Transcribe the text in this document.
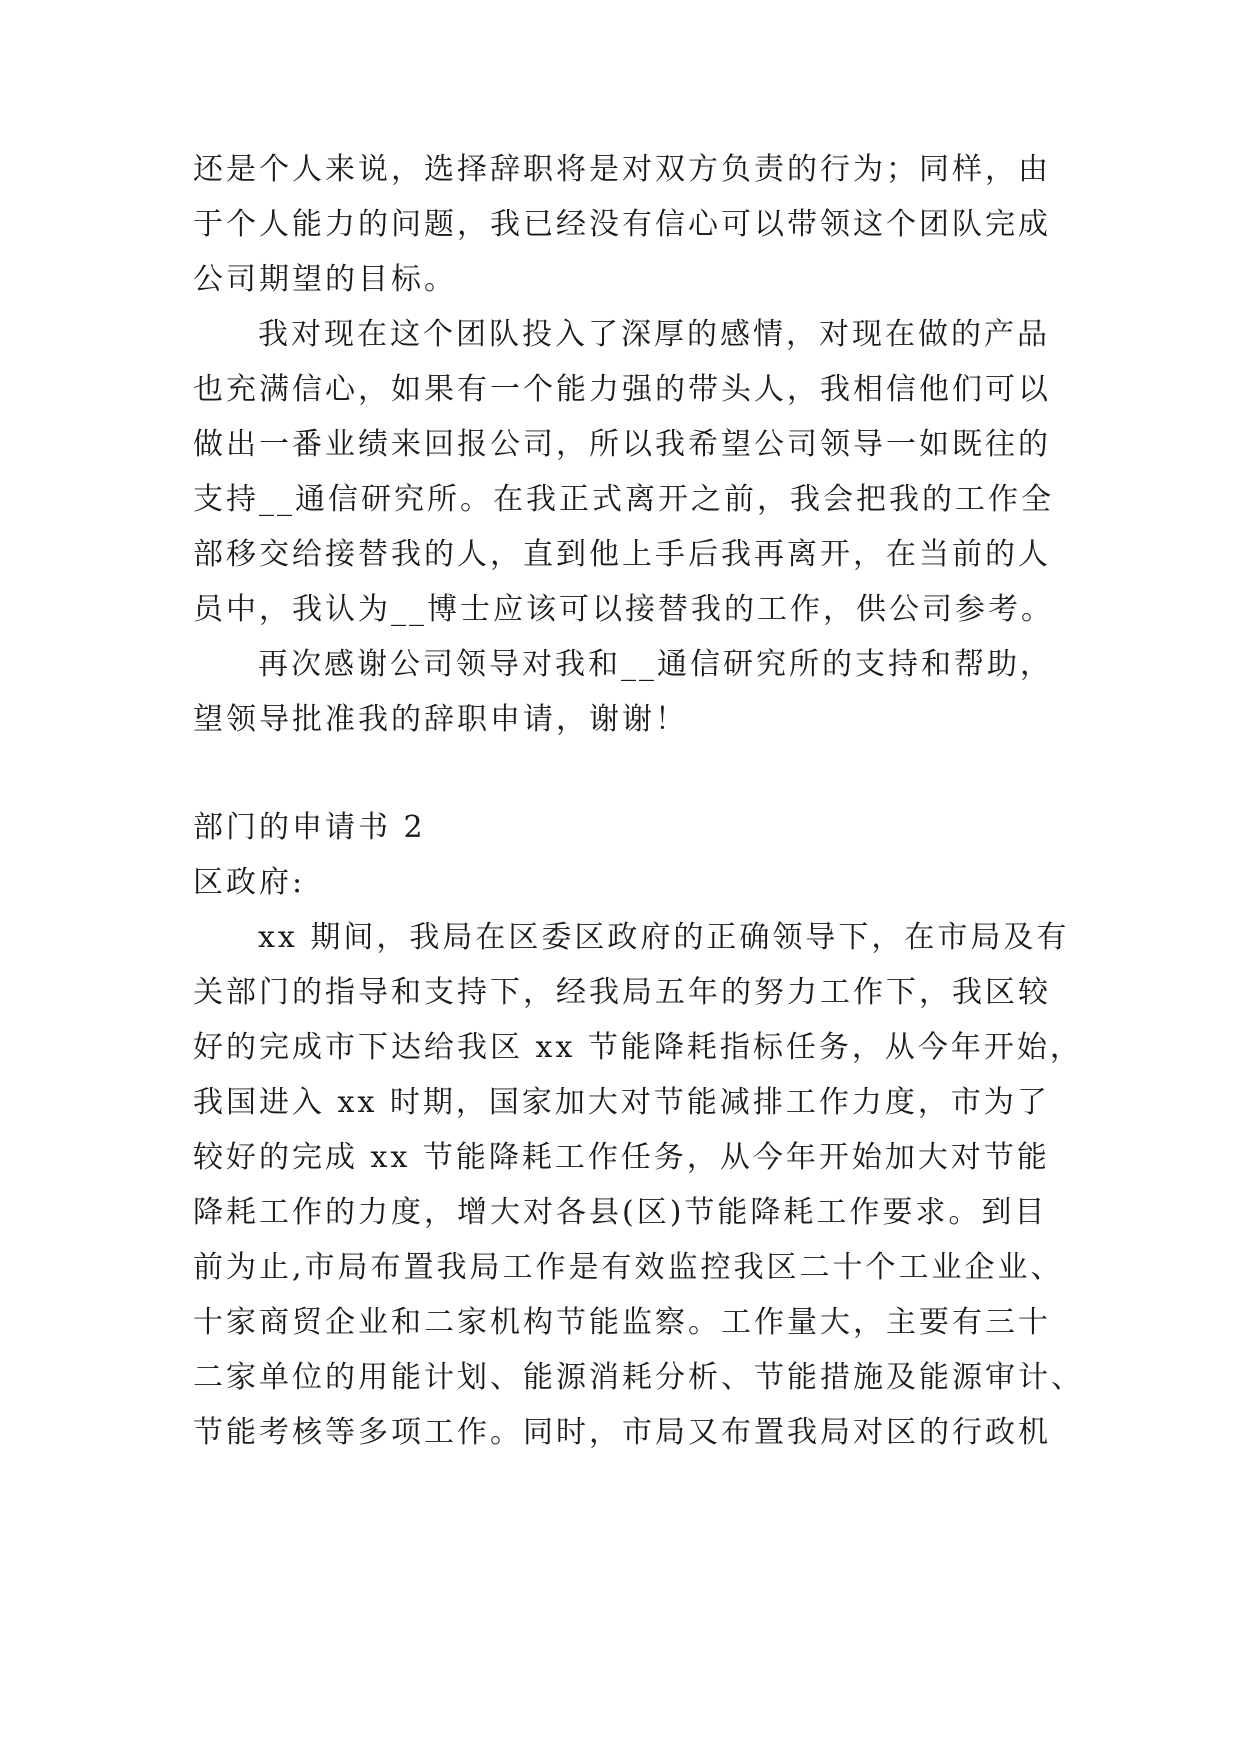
还是个人来说，选择辞职将是对双方负责的行为；同样，由
于个人能力的问题，我已经没有信心可以带领这个团队完成
公司期望的目标。
我对现在这个团队投入了深厚的感情，对现在做的产品
也充满信心，如果有一个能力强的带头人，我相信他们可以
做出一番业绩来回报公司，所以我希望公司领导一如既往的
支持__通信研究所。在我正式离开之前，我会把我的工作全
部移交给接替我的人，直到他上手后我再离开，在当前的人
员中，我认为__博士应该可以接替我的工作，供公司参考。
再次感谢公司领导对我和__通信研究所的支持和帮助，
望领导批准我的辞职申请，谢谢！
部门的申请书 2
区政府:
xx 期间，我局在区委区政府的正确领导下，在市局及有
关部门的指导和支持下，经我局五年的努力工作下，我区较
好的完成市下达给我区 xx 节能降耗指标任务，从今年开始，
我国进入 xx 时期，国家加大对节能减排工作力度，市为了
较好的完成 xx 节能降耗工作任务，从今年开始加大对节能
降耗工作的力度，增大对各县(区)节能降耗工作要求。到目
前为止,市局布置我局工作是有效监控我区二十个工业企业、
十家商贸企业和二家机构节能监察。工作量大，主要有三十
二家单位的用能计划、能源消耗分析、节能措施及能源审计、
节能考核等多项工作。同时，市局又布置我局对区的行政机
